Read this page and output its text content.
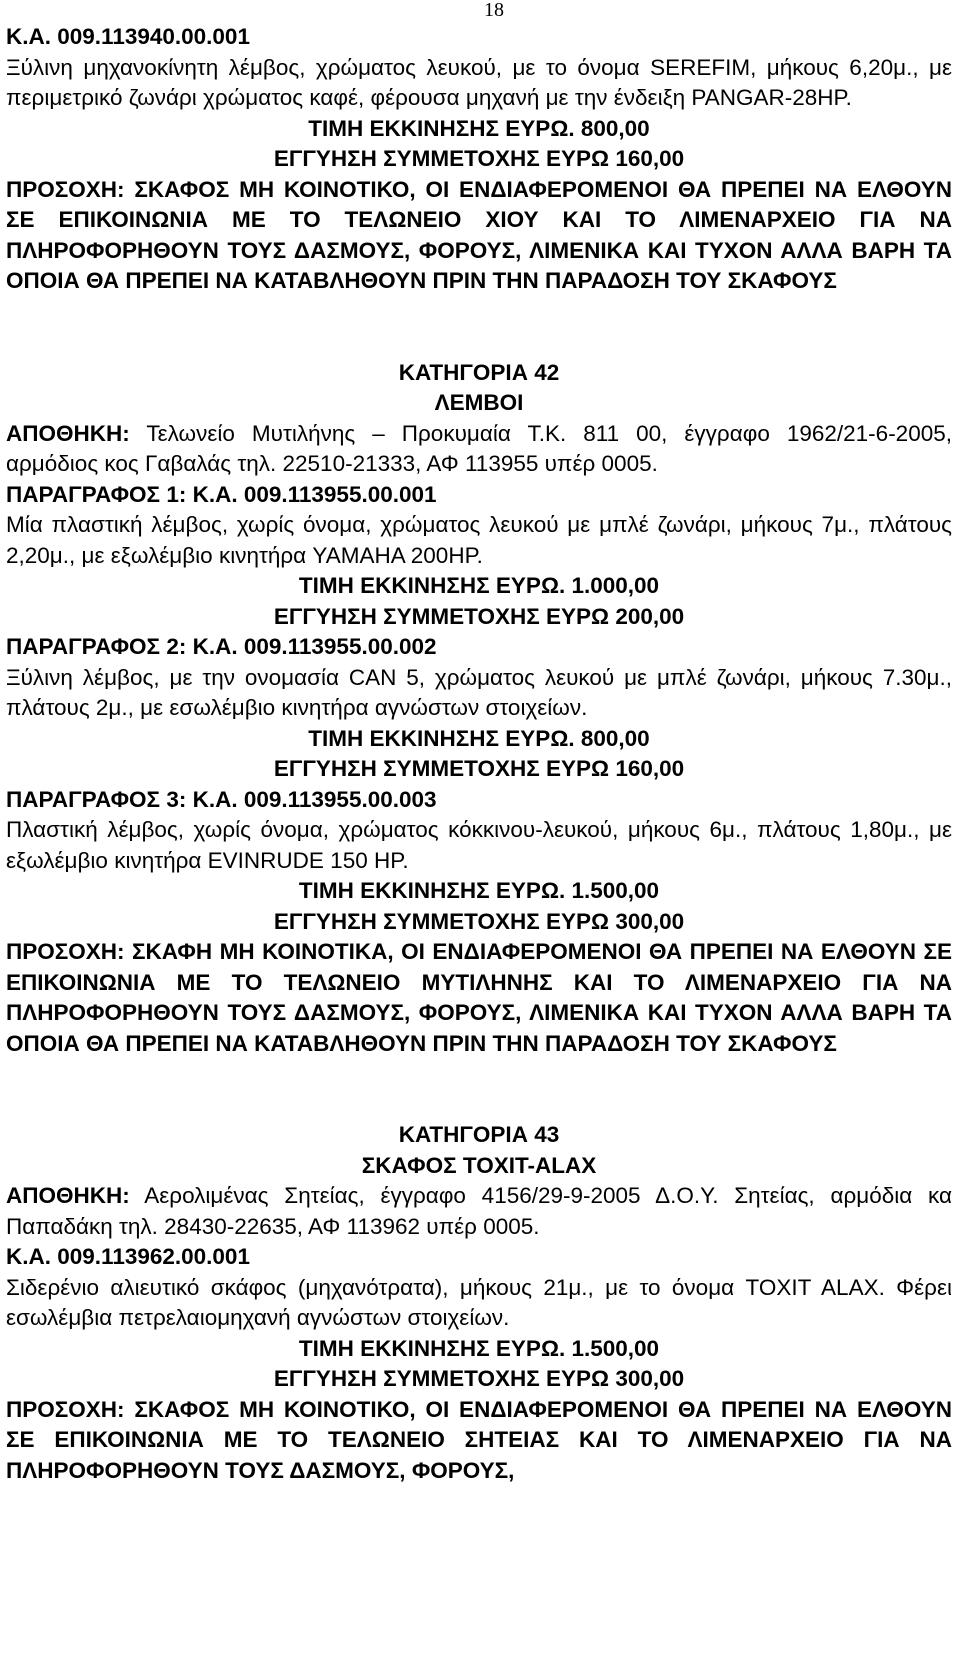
18
Κ.Α. 009.113940.00.001
Ξύλινη μηχανοκίνητη λέμβος, χρώματος λευκού, με το όνομα SEREFIM, μήκους 6,20μ., με περιμετρικό ζωνάρι χρώματος καφέ, φέρουσα μηχανή με την ένδειξη PANGAR-28HP.
ΤΙΜΗ ΕΚΚΙΝΗΣΗΣ ΕΥΡΩ. 800,00
ΕΓΓΥΗΣΗ ΣΥΜΜΕΤΟΧΗΣ ΕΥΡΩ 160,00
ΠΡΟΣΟΧΗ: ΣΚΑΦΟΣ ΜΗ ΚΟΙΝΟΤΙΚΟ, ΟΙ ΕΝΔΙΑΦΕΡΟΜΕΝΟΙ ΘΑ ΠΡΕΠΕΙ ΝΑ ΕΛΘΟΥΝ ΣΕ ΕΠΙΚΟΙΝΩΝΙΑ ΜΕ ΤΟ ΤΕΛΩΝΕΙΟ ΧΙΟΥ ΚΑΙ ΤΟ ΛΙΜΕΝΑΡΧΕΙΟ ΓΙΑ ΝΑ ΠΛΗΡΟΦΟΡΗΘΟΥΝ ΤΟΥΣ ΔΑΣΜΟΥΣ, ΦΟΡΟΥΣ, ΛΙΜΕΝΙΚΑ ΚΑΙ ΤΥΧΟΝ ΑΛΛΑ ΒΑΡΗ ΤΑ ΟΠΟΙΑ ΘΑ ΠΡΕΠΕΙ ΝΑ ΚΑΤΑΒΛΗΘΟΥΝ ΠΡΙΝ ΤΗΝ ΠΑΡΑΔΟΣΗ ΤΟΥ ΣΚΑΦΟΥΣ
ΚΑΤΗΓΟΡΙΑ 42
ΛΕΜΒΟΙ
ΑΠΟΘΗΚΗ: Τελωνείο Μυτιλήνης – Προκυμαία Τ.Κ. 811 00, έγγραφο 1962/21-6-2005, αρμόδιος κος Γαβαλάς τηλ. 22510-21333, ΑΦ 113955 υπέρ 0005.
ΠΑΡΑΓΡΑΦΟΣ 1: Κ.Α. 009.113955.00.001
Μία πλαστική λέμβος, χωρίς όνομα, χρώματος λευκού με μπλέ ζωνάρι, μήκους 7μ., πλάτους 2,20μ., με εξωλέμβιο κινητήρα YAMAHA 200HP.
ΤΙΜΗ ΕΚΚΙΝΗΣΗΣ ΕΥΡΩ. 1.000,00
ΕΓΓΥΗΣΗ ΣΥΜΜΕΤΟΧΗΣ ΕΥΡΩ 200,00
ΠΑΡΑΓΡΑΦΟΣ 2: Κ.Α. 009.113955.00.002
Ξύλινη λέμβος, με την ονομασία CAN 5, χρώματος λευκού με μπλέ ζωνάρι, μήκους 7.30μ., πλάτους 2μ., με εσωλέμβιο κινητήρα αγνώστων στοιχείων.
ΤΙΜΗ ΕΚΚΙΝΗΣΗΣ ΕΥΡΩ. 800,00
ΕΓΓΥΗΣΗ ΣΥΜΜΕΤΟΧΗΣ ΕΥΡΩ 160,00
ΠΑΡΑΓΡΑΦΟΣ 3: Κ.Α. 009.113955.00.003
Πλαστική λέμβος, χωρίς όνομα, χρώματος κόκκινου-λευκού, μήκους 6μ., πλάτους 1,80μ., με εξωλέμβιο κινητήρα EVINRUDE 150 HP.
ΤΙΜΗ ΕΚΚΙΝΗΣΗΣ ΕΥΡΩ. 1.500,00
ΕΓΓΥΗΣΗ ΣΥΜΜΕΤΟΧΗΣ ΕΥΡΩ 300,00
ΠΡΟΣΟΧΗ: ΣΚΑΦΗ ΜΗ ΚΟΙΝΟΤΙΚΑ, ΟΙ ΕΝΔΙΑΦΕΡΟΜΕΝΟΙ ΘΑ ΠΡΕΠΕΙ ΝΑ ΕΛΘΟΥΝ ΣΕ ΕΠΙΚΟΙΝΩΝΙΑ ΜΕ ΤΟ ΤΕΛΩΝΕΙΟ ΜΥΤΙΛΗΝΗΣ ΚΑΙ ΤΟ ΛΙΜΕΝΑΡΧΕΙΟ ΓΙΑ ΝΑ ΠΛΗΡΟΦΟΡΗΘΟΥΝ ΤΟΥΣ ΔΑΣΜΟΥΣ, ΦΟΡΟΥΣ, ΛΙΜΕΝΙΚΑ ΚΑΙ ΤΥΧΟΝ ΑΛΛΑ ΒΑΡΗ ΤΑ ΟΠΟΙΑ ΘΑ ΠΡΕΠΕΙ ΝΑ ΚΑΤΑΒΛΗΘΟΥΝ ΠΡΙΝ ΤΗΝ ΠΑΡΑΔΟΣΗ ΤΟΥ ΣΚΑΦΟΥΣ
ΚΑΤΗΓΟΡΙΑ 43
ΣΚΑΦΟΣ ΤΟΧΙΤ-ΑLΑΧ
ΑΠΟΘΗΚΗ: Αερολιμένας Σητείας, έγγραφο 4156/29-9-2005 Δ.Ο.Υ. Σητείας, αρμόδια κα Παπαδάκη τηλ. 28430-22635, ΑΦ 113962 υπέρ 0005.
Κ.Α. 009.113962.00.001
Σιδερένιο αλιευτικό σκάφος (μηχανότρατα), μήκους 21μ., με το όνομα TOXIT ALAX. Φέρει εσωλέμβια πετρελαιομηχανή αγνώστων στοιχείων.
ΤΙΜΗ ΕΚΚΙΝΗΣΗΣ ΕΥΡΩ. 1.500,00
ΕΓΓΥΗΣΗ ΣΥΜΜΕΤΟΧΗΣ ΕΥΡΩ 300,00
ΠΡΟΣΟΧΗ: ΣΚΑΦΟΣ ΜΗ ΚΟΙΝΟΤΙΚΟ, ΟΙ ΕΝΔΙΑΦΕΡΟΜΕΝΟΙ ΘΑ ΠΡΕΠΕΙ ΝΑ ΕΛΘΟΥΝ ΣΕ ΕΠΙΚΟΙΝΩΝΙΑ ΜΕ ΤΟ ΤΕΛΩΝΕΙΟ ΣΗΤΕΙΑΣ ΚΑΙ ΤΟ ΛΙΜΕΝΑΡΧΕΙΟ ΓΙΑ ΝΑ ΠΛΗΡΟΦΟΡΗΘΟΥΝ ΤΟΥΣ ΔΑΣΜΟΥΣ, ΦΟΡΟΥΣ,
